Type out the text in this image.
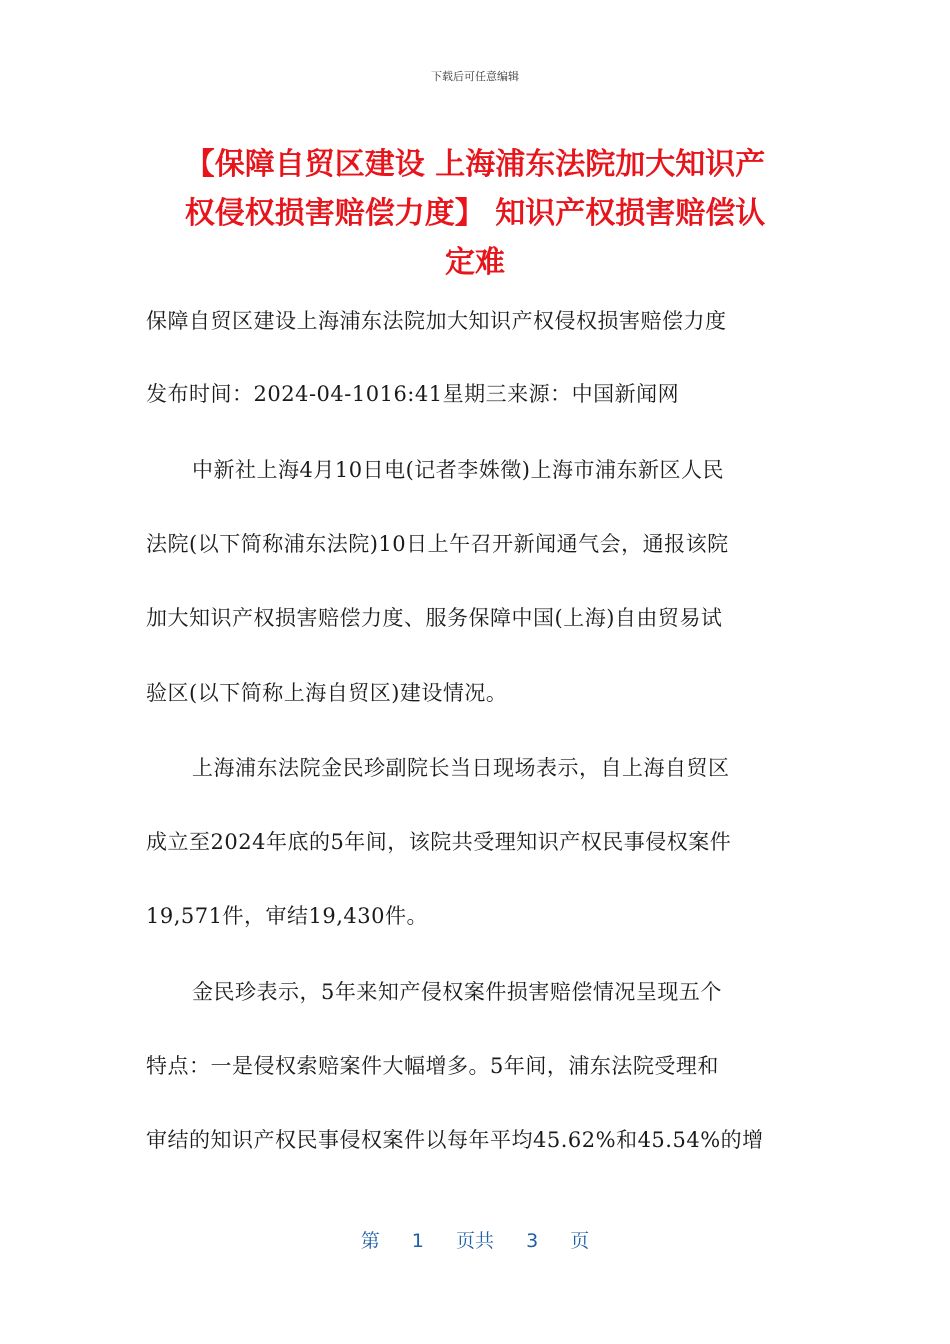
下载后可任意编辑
【保障自贸区建设 上海浦东法院加大知识产
权侵权损害赔偿力度】 知识产权损害赔偿认
定难
保障自贸区建设上海浦东法院加大知识产权侵权损害赔偿力度
发布时间：2024-04-1016:41星期三来源：中国新闻网
中新社上海4月10日电(记者李姝徵)上海市浦东新区人民
法院(以下简称浦东法院)10日上午召开新闻通气会，通报该院
加大知识产权损害赔偿力度、服务保障中国(上海)自由贸易试
验区(以下简称上海自贸区)建设情况。
上海浦东法院金民珍副院长当日现场表示，自上海自贸区
成立至2024年底的5年间，该院共受理知识产权民事侵权案件
19,571件，审结19,430件。
金民珍表示，5年来知产侵权案件损害赔偿情况呈现五个
特点：一是侵权索赔案件大幅增多。5年间，浦东法院受理和
审结的知识产权民事侵权案件以每年平均45.62%和45.54%的增
第 1 页共 3 页
